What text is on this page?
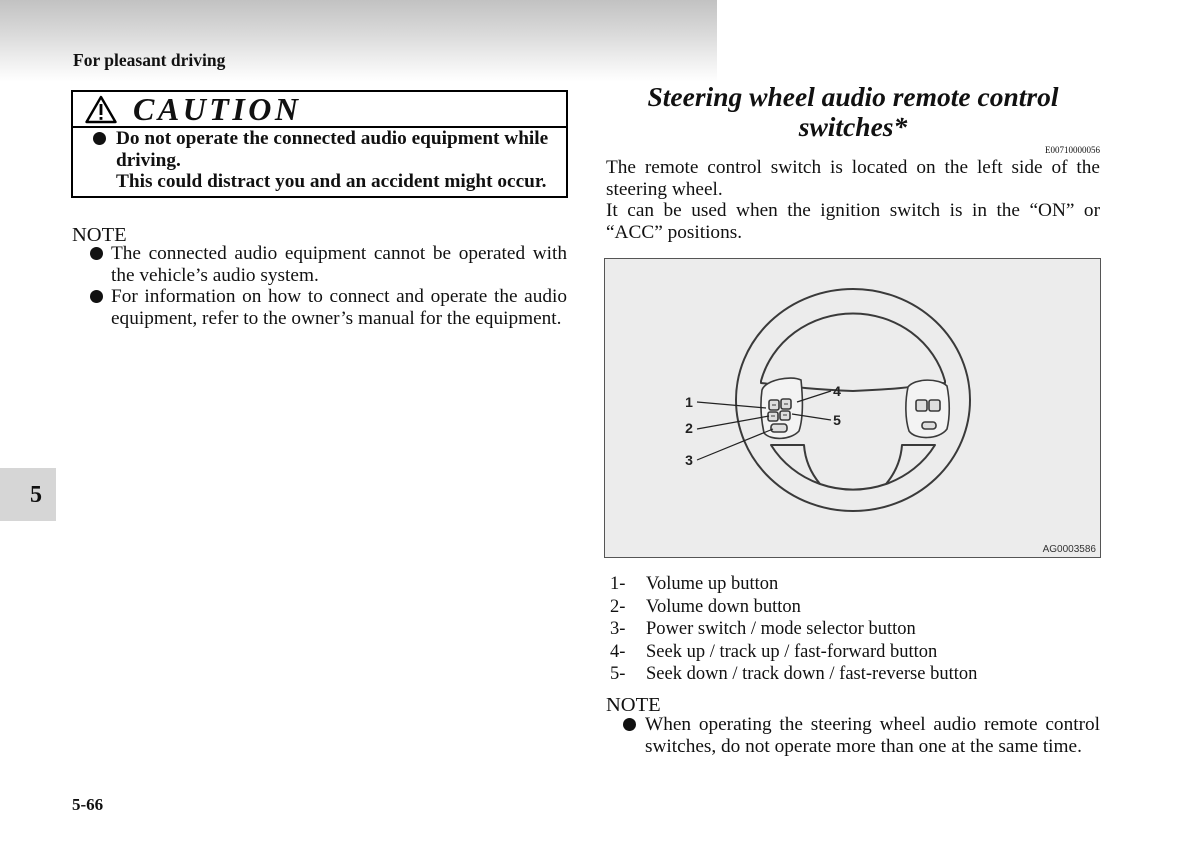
For pleasant driving
CAUTION
Do not operate the connected audio equipment while
driving.
This could distract you and an accident might occur.
NOTE
The connected audio equipment cannot be operated with
the vehicle’s audio system.
For information on how to connect and operate the audio
equipment, refer to the owner’s manual for the equipment.
5
5-66
Steering wheel audio remote control switches*
E00710000056
The remote control switch is located on the left side of the
steering wheel.
It can be used when the ignition switch is in the “ON” or
“ACC” positions.
1
2
3
4
5
AG0003586
1- Volume up button
2- Volume down button
3- Power switch / mode selector button
4- Seek up / track up / fast-forward button
5- Seek down / track down / fast-reverse button
NOTE
When operating the steering wheel audio remote control
switches, do not operate more than one at the same time.
